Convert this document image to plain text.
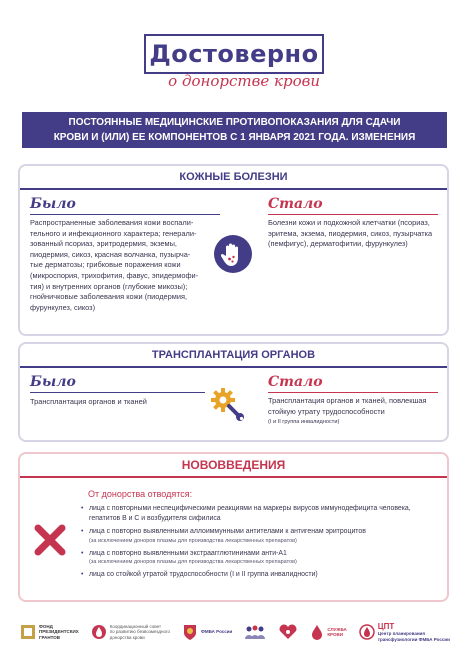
Достоверно
о донорстве крови
ПОСТОЯННЫЕ МЕДИЦИНСКИЕ ПРОТИВОПОКАЗАНИЯ ДЛЯ СДАЧИ
КРОВИ И (ИЛИ) ЕЕ КОМПОНЕНТОВ С 1 ЯНВАРЯ 2021 ГОДА. ИЗМЕНЕНИЯ
КОЖНЫЕ БОЛЕЗНИ
Было
Распространенные заболевания кожи воспали-
тельного и инфекционного характера; генерали-
зованный псориаз, эритродермия, экземы,
пиодермия, сикоз, красная волчанка, пузырча-
тые дерматозы; грибковые поражения кожи
(микроспория, трихофития, фавус, эпидермофи-
тия) и внутренних органов (глубокие микозы);
гнойничковые заболевания кожи (пиодермия,
фурункулез, сикоз)
Стало
Болезни кожи и подкожной клетчатки (псориаз,
эритема, экзема, пиодермия, сикоз, пузырчатка
(пемфигус), дерматофитии, фурункулез)
ТРАНСПЛАНТАЦИЯ ОРГАНОВ
Было
Трансплантация органов и тканей
Стало
Трансплантация органов и тканей, повлекшая
стойкую утрату трудоспособности
(I и II группа инвалидности)
НОВОВВЕДЕНИЯ
От донорства отводятся:
• лица с повторными неспецифическими реакциями на маркеры вирусов иммунодефицита человека, гепатитов В и С и возбудителя сифилиса
• лица с повторно выявленными аллоиммунными антителами к антигенам эритроцитов
(за исключением доноров плазмы для производства лекарственных препаратов)
• лица с повторно выявленными экстраагглютининами анти-А1
(за исключением доноров плазмы для производства лекарственных препаратов)
• лица со стойкой утратой трудоспособности (I и II группа инвалидности)
ФОНД
ПРЕЗИДЕНТСКИХ
ГРАНТОВ
Координационный совет
по развитию безвозмездного
донорства крови
ФМБА России
СЛУЖБА
КРОВИ
ЦПТ
Центр планирования
трансфузиологии ФМБА России
